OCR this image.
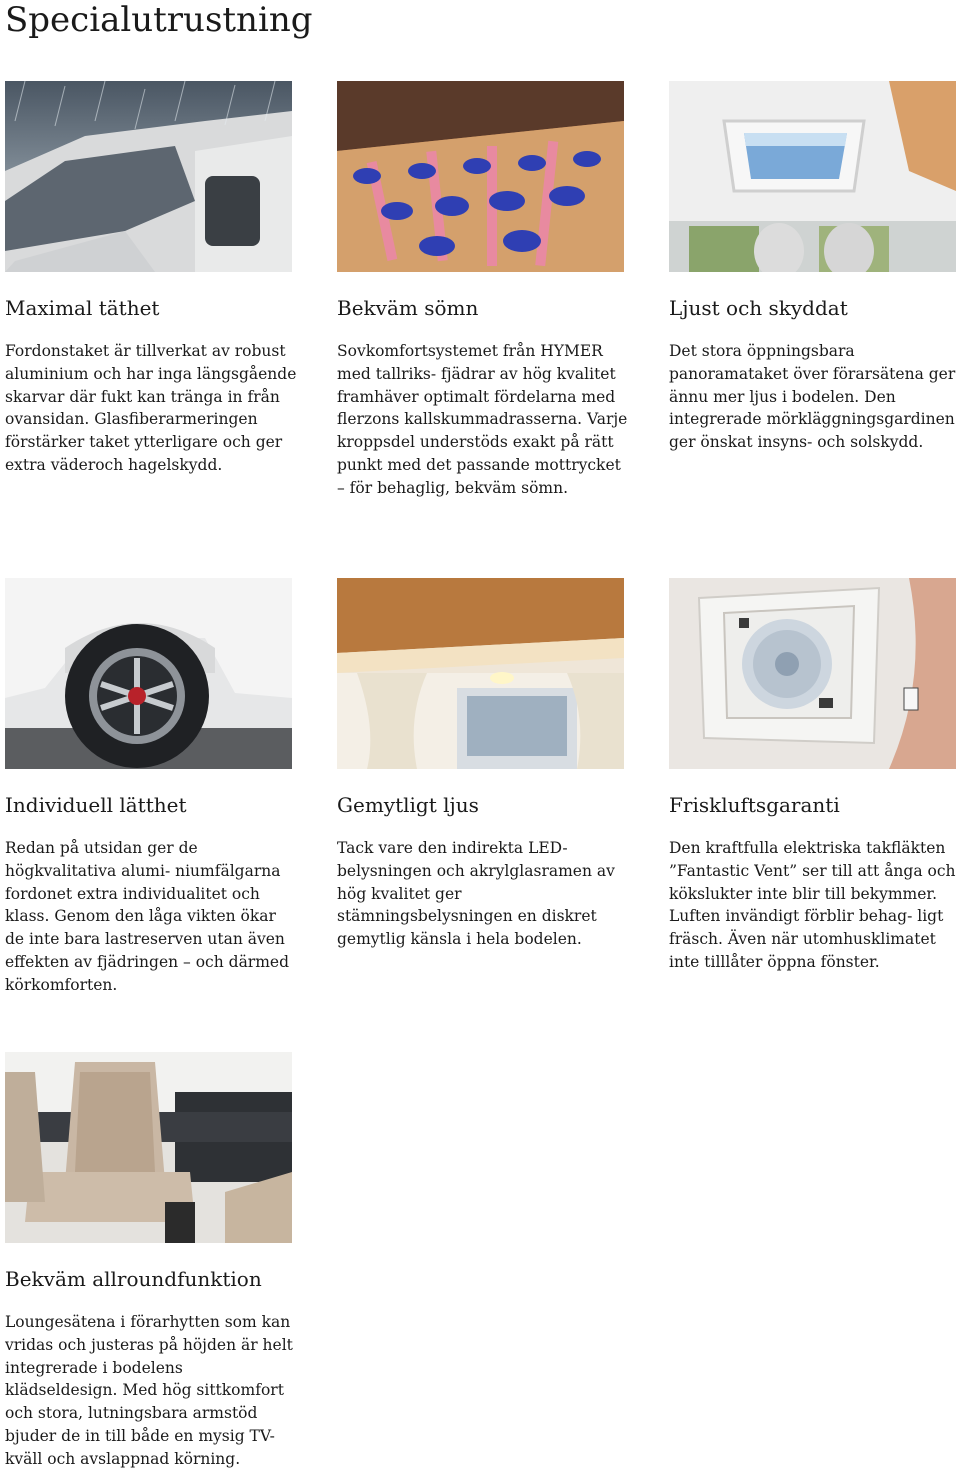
Specialutrustning
Maximal täthet

Fordonstaket är tillverkat av robust aluminium och har inga längsgående skarvar där fukt kan tränga in från ovansidan. Glasfiberarmeringen förstärker taket ytterligare och ger extra väderoch hagelskydd.

Bekväm sömn

Sovkomfortsystemet från HYMER med tallriks- fjädrar av hög kvalitet framhäver optimalt fördelarna med flerzons kallskummadrasserna. Varje kroppsdel understöds exakt på rätt punkt med det passande mottrycket – för behaglig, bekväm sömn.

Ljust och skyddat

Det stora öppningsbara panoramataket över förarsätena ger ännu mer ljus i bodelen. Den integrerade mörkläggningsgardinen ger önskat insyns- och solskydd.

Individuell lätthet

Redan på utsidan ger de högkvalitativa alumi- niumfälgarna fordonet extra individualitet och klass. Genom den låga vikten ökar de inte bara lastreserven utan även effekten av fjädringen – och därmed körkomforten.

Gemytligt ljus

Tack vare den indirekta LED-belysningen och akrylglasramen av hög kvalitet ger stämningsbelysningen en diskret gemytlig känsla i hela bodelen.

Friskluftsgaranti

Den kraftfulla elektriska takfläkten ”Fantastic Vent” ser till att ånga och kökslukter inte blir till bekymmer. Luften invändigt förblir behag- ligt fräsch. Även när utomhusklimatet inte tilllåter öppna fönster.

Bekväm allroundfunktion

Loungesätena i förarhytten som kan vridas och justeras på höjden är helt integrerade i bodelens klädseldesign. Med hög sittkomfort och stora, lutningsbara armstöd bjuder de in till både en mysig TV-kväll och avslappnad körning.
